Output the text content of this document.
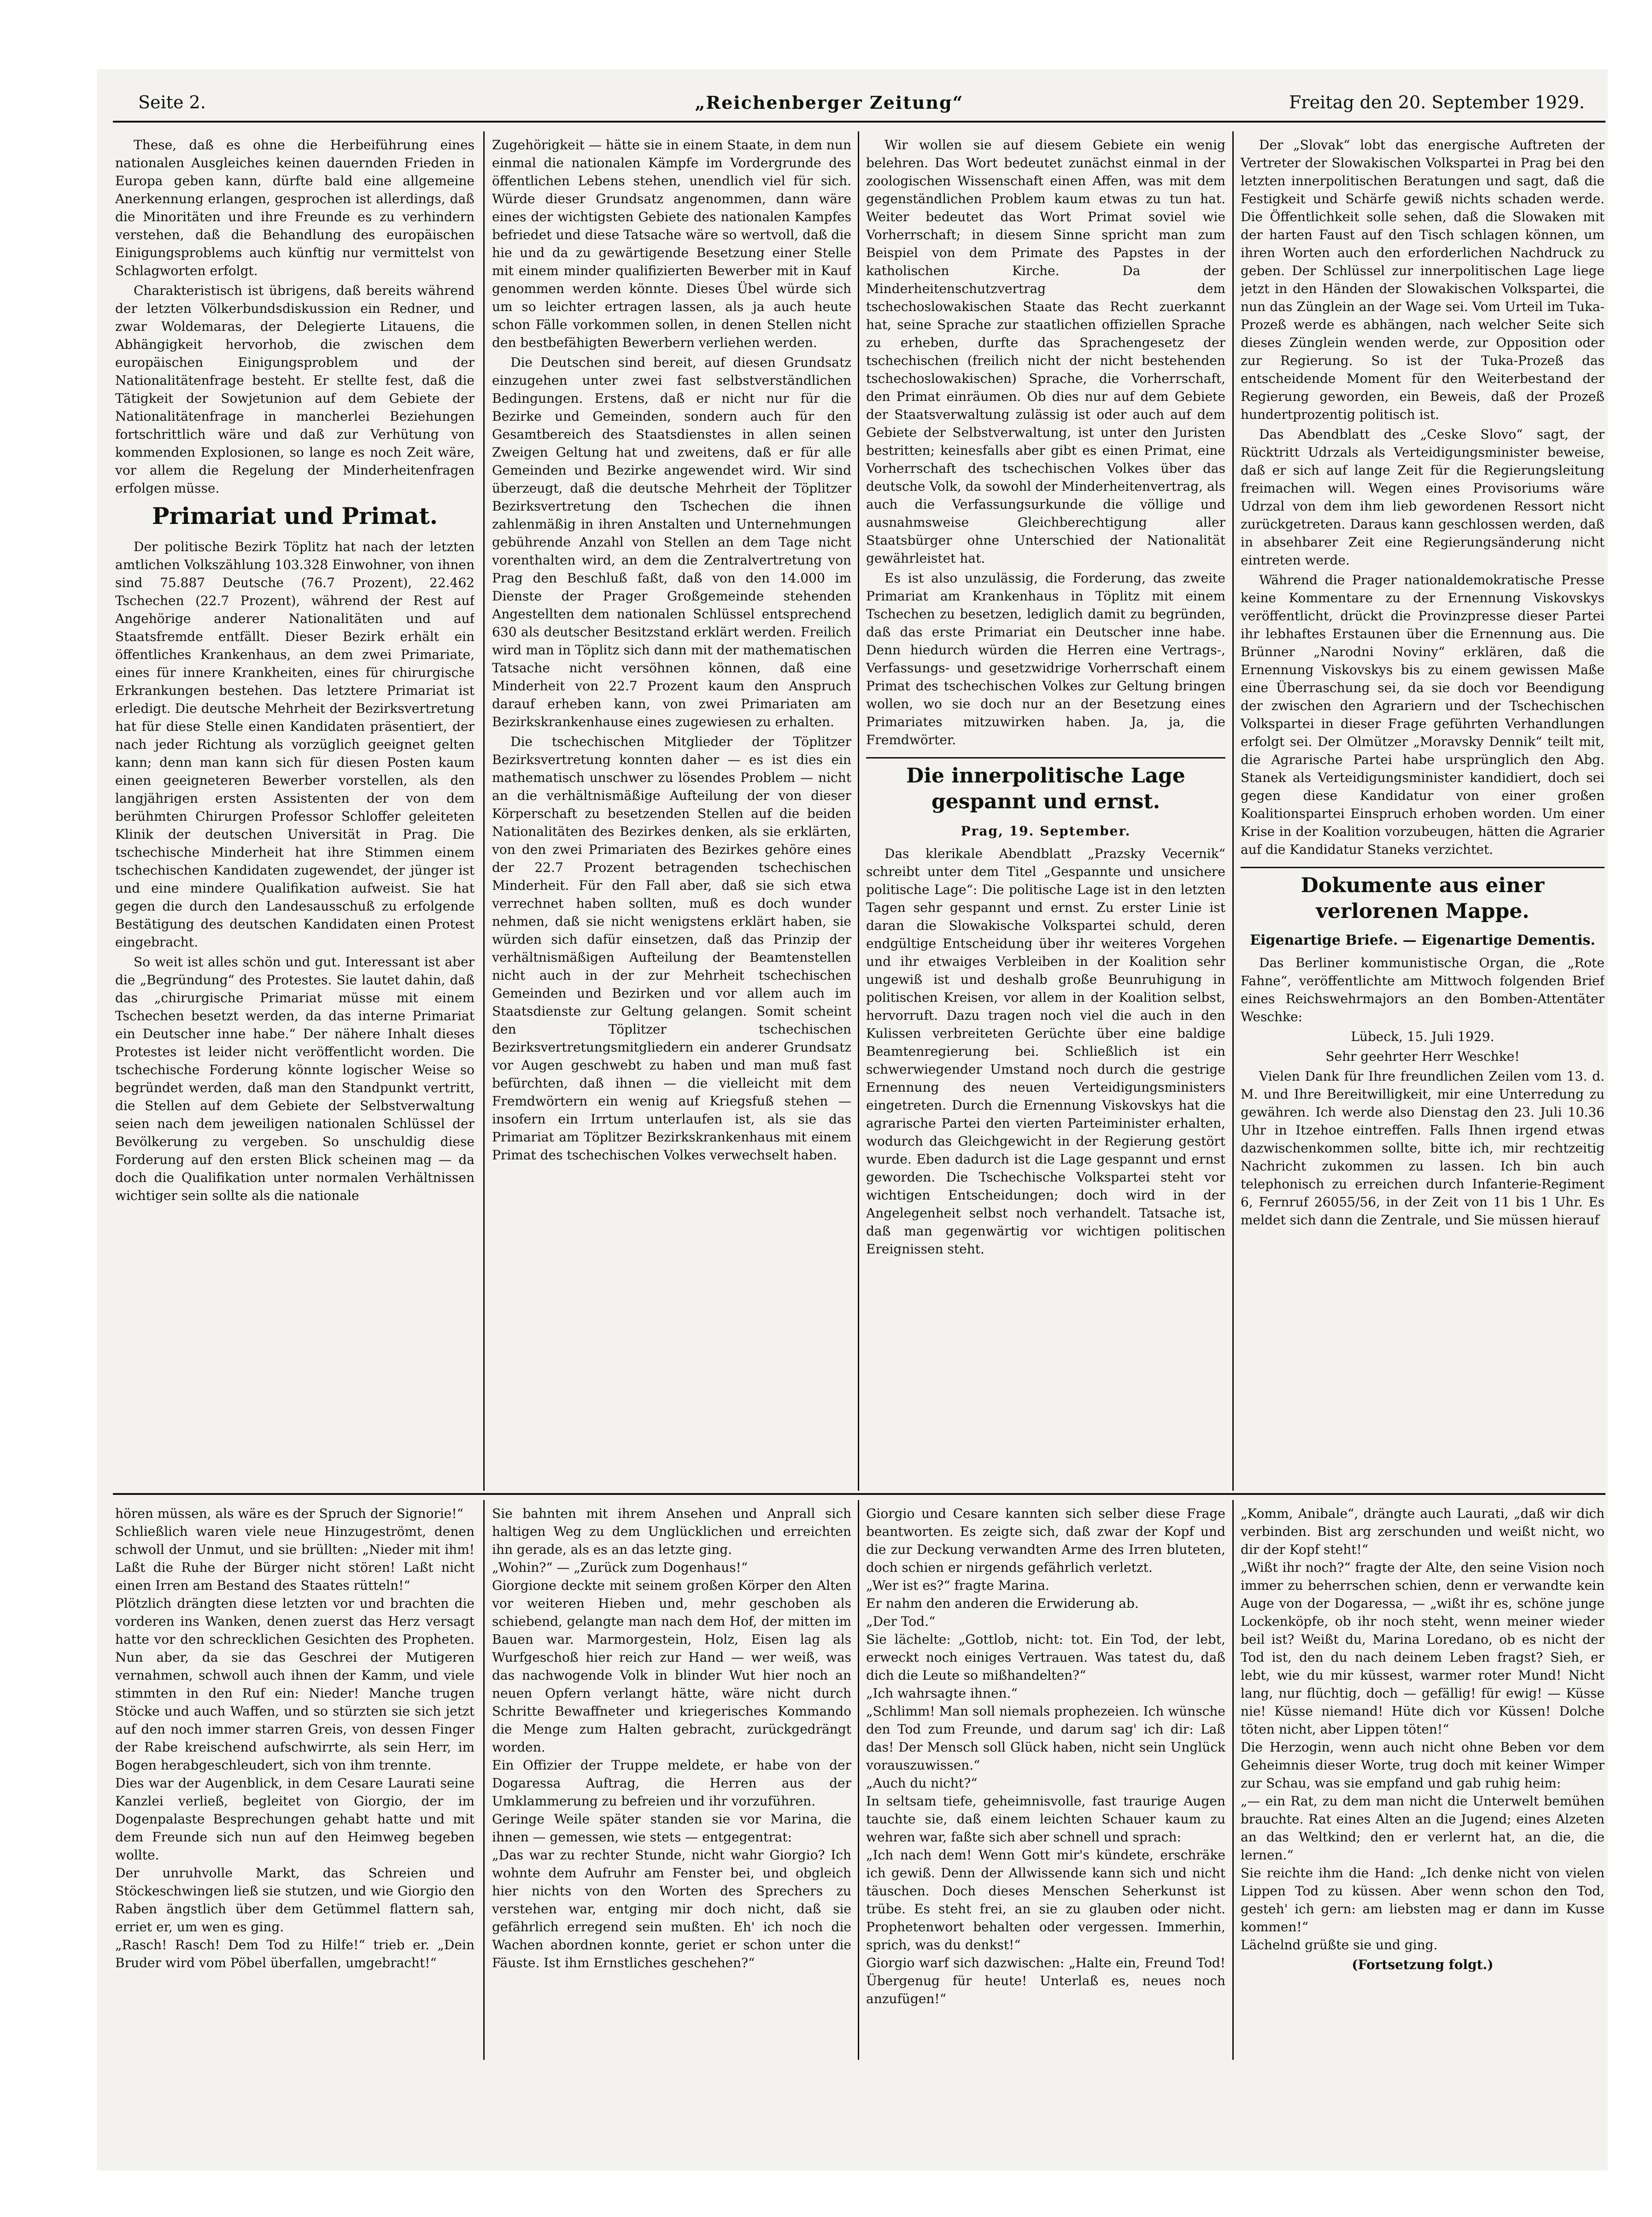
Seite 2.	„Reichenberger Zeitung“	Freitag den 20. September 1929.

These, daß es ohne die Herbeiführung eines nationalen Ausgleiches keinen dauernden Frieden in Europa geben kann, dürfte bald eine allgemeine Anerkennung erlangen, gesprochen ist allerdings, daß die Minoritäten und ihre Freunde es zu verhindern verstehen, daß die Behandlung des europäischen Einigungsproblems auch künftig nur vermittelst von Schlagworten erfolgt.

Charakteristisch ist übrigens, daß bereits während der letzten Völkerbundsdiskussion ein Redner, und zwar Woldemaras, der Delegierte Litauens, die Abhängigkeit hervorhob, die zwischen dem europäischen Einigungsproblem und der Nationalitätenfrage besteht. Er stellte fest, daß die Tätigkeit der Sowjetunion auf dem Gebiete der Nationalitätenfrage in mancherlei Beziehungen fortschrittlich wäre und daß zur Verhütung von kommenden Explosionen, so lange es noch Zeit wäre, vor allem die Regelung der Minderheitenfragen erfolgen müsse.

Primariat und Primat.

Der politische Bezirk Töplitz hat nach der letzten amtlichen Volkszählung 103.328 Einwohner, von ihnen sind 75.887 Deutsche (76.7 Prozent), 22.462 Tschechen (22.7 Prozent), während der Rest auf Angehörige anderer Nationalitäten und auf Staatsfremde entfällt. Dieser Bezirk erhält ein öffentliches Krankenhaus, an dem zwei Primariate, eines für innere Krankheiten, eines für chirurgische Erkrankungen bestehen. Das letztere Primariat ist erledigt. Die deutsche Mehrheit der Bezirksvertretung hat für diese Stelle einen Kandidaten präsentiert, der nach jeder Richtung als vorzüglich geeignet gelten kann; denn man kann sich für diesen Posten kaum einen geeigneteren Bewerber vorstellen, als den langjährigen ersten Assistenten der von dem berühmten Chirurgen Professor Schloffer geleiteten Klinik der deutschen Universität in Prag. Die tschechische Minderheit hat ihre Stimmen einem tschechischen Kandidaten zugewendet, der jünger ist und eine mindere Qualifikation aufweist. Sie hat gegen die durch den Landesausschuß zu erfolgende Bestätigung des deutschen Kandidaten einen Protest eingebracht.

So weit ist alles schön und gut. Interessant ist aber die „Begründung“ des Protestes. Sie lautet dahin, daß das „chirurgische Primariat müsse mit einem Tschechen besetzt werden, da das interne Primariat ein Deutscher inne habe.“ Der nähere Inhalt dieses Protestes ist leider nicht veröffentlicht worden. Die tschechische Forderung könnte logischer Weise so begründet werden, daß man den Standpunkt vertritt, die Stellen auf dem Gebiete der Selbstverwaltung seien nach dem jeweiligen nationalen Schlüssel der Bevölkerung zu vergeben. So unschuldig diese Forderung auf den ersten Blick scheinen mag — da doch die Qualifikation unter normalen Verhältnissen wichtiger sein sollte als die nationale

Zugehörigkeit — hätte sie in einem Staate, in dem nun einmal die nationalen Kämpfe im Vordergrunde des öffentlichen Lebens stehen, unendlich viel für sich. Würde dieser Grundsatz angenommen, dann wäre eines der wichtigsten Gebiete des nationalen Kampfes befriedet und diese Tatsache wäre so wertvoll, daß die hie und da zu gewärtigende Besetzung einer Stelle mit einem minder qualifizierten Bewerber mit in Kauf genommen werden könnte. Dieses Übel würde sich um so leichter ertragen lassen, als ja auch heute schon Fälle vorkommen sollen, in denen Stellen nicht den bestbefähigten Bewerbern verliehen werden.

Die Deutschen sind bereit, auf diesen Grundsatz einzugehen unter zwei fast selbstverständlichen Bedingungen. Erstens, daß er nicht nur für die Bezirke und Gemeinden, sondern auch für den Gesamtbereich des Staatsdienstes in allen seinen Zweigen Geltung hat und zweitens, daß er für alle Gemeinden und Bezirke angewendet wird. Wir sind überzeugt, daß die deutsche Mehrheit der Töplitzer Bezirksvertretung den Tschechen die ihnen zahlenmäßig in ihren Anstalten und Unternehmungen gebührende Anzahl von Stellen an dem Tage nicht vorenthalten wird, an dem die Zentralvertretung von Prag den Beschluß faßt, daß von den 14.000 im Dienste der Prager Großgemeinde stehenden Angestellten dem nationalen Schlüssel entsprechend 630 als deutscher Besitzstand erklärt werden. Freilich wird man in Töplitz sich dann mit der mathematischen Tatsache nicht versöhnen können, daß eine Minderheit von 22.7 Prozent kaum den Anspruch darauf erheben kann, von zwei Primariaten am Bezirkskrankenhause eines zugewiesen zu erhalten.

Die tschechischen Mitglieder der Töplitzer Bezirksvertretung konnten daher — es ist dies ein mathematisch unschwer zu lösendes Problem — nicht an die verhältnismäßige Aufteilung der von dieser Körperschaft zu besetzenden Stellen auf die beiden Nationalitäten des Bezirkes denken, als sie erklärten, von den zwei Primariaten des Bezirkes gehöre eines der 22.7 Prozent betragenden tschechischen Minderheit. Für den Fall aber, daß sie sich etwa verrechnet haben sollten, muß es doch wunder nehmen, daß sie nicht wenigstens erklärt haben, sie würden sich dafür einsetzen, daß das Prinzip der verhältnismäßigen Aufteilung der Beamtenstellen nicht auch in der zur Mehrheit tschechischen Gemeinden und Bezirken und vor allem auch im Staatsdienste zur Geltung gelangen. Somit scheint den Töplitzer tschechischen Bezirksvertretungsmitgliedern ein anderer Grundsatz vor Augen geschwebt zu haben und man muß fast befürchten, daß ihnen — die vielleicht mit dem Fremdwörtern ein wenig auf Kriegsfuß stehen — insofern ein Irrtum unterlaufen ist, als sie das Primariat am Töplitzer Bezirkskrankenhaus mit einem Primat des tschechischen Volkes verwechselt haben.

Wir wollen sie auf diesem Gebiete ein wenig belehren. Das Wort bedeutet zunächst einmal in der zoologischen Wissenschaft einen Affen, was mit dem gegenständlichen Problem kaum etwas zu tun hat. Weiter bedeutet das Wort Primat soviel wie Vorherrschaft; in diesem Sinne spricht man zum Beispiel von dem Primate des Papstes in der katholischen Kirche. Da der Minderheitenschutzvertrag dem tschechoslowakischen Staate das Recht zuerkannt hat, seine Sprache zur staatlichen offiziellen Sprache zu erheben, durfte das Sprachengesetz der tschechischen (freilich nicht der nicht bestehenden tschechoslowakischen) Sprache, die Vorherrschaft, den Primat einräumen. Ob dies nur auf dem Gebiete der Staatsverwaltung zulässig ist oder auch auf dem Gebiete der Selbstverwaltung, ist unter den Juristen bestritten; keinesfalls aber gibt es einen Primat, eine Vorherrschaft des tschechischen Volkes über das deutsche Volk, da sowohl der Minderheitenvertrag, als auch die Verfassungsurkunde die völlige und ausnahmsweise Gleichberechtigung aller Staatsbürger ohne Unterschied der Nationalität gewährleistet hat.

Es ist also unzulässig, die Forderung, das zweite Primariat am Krankenhaus in Töplitz mit einem Tschechen zu besetzen, lediglich damit zu begründen, daß das erste Primariat ein Deutscher inne habe. Denn hiedurch würden die Herren eine Vertrags-, Verfassungs- und gesetzwidrige Vorherrschaft einem Primat des tschechischen Volkes zur Geltung bringen wollen, wo sie doch nur an der Besetzung eines Primariates mitzuwirken haben. Ja, ja, die Fremdwörter.

Die innerpolitische Lage gespannt und ernst.
Prag, 19. September.

Das klerikale Abendblatt „Prazsky Vecernik“ schreibt unter dem Titel „Gespannte und unsichere politische Lage“: Die politische Lage ist in den letzten Tagen sehr gespannt und ernst. Zu erster Linie ist daran die Slowakische Volkspartei schuld, deren endgültige Entscheidung über ihr weiteres Vorgehen und ihr etwaiges Verbleiben in der Koalition sehr ungewiß ist und deshalb große Beunruhigung in politischen Kreisen, vor allem in der Koalition selbst, hervorruft. Dazu tragen noch viel die auch in den Kulissen verbreiteten Gerüchte über eine baldige Beamtenregierung bei. Schließlich ist ein schwerwiegender Umstand noch durch die gestrige Ernennung des neuen Verteidigungsministers eingetreten. Durch die Ernennung Viskovskys hat die agrarische Partei den vierten Parteiminister erhalten, wodurch das Gleichgewicht in der Regierung gestört wurde. Eben dadurch ist die Lage gespannt und ernst geworden. Die Tschechische Volkspartei steht vor wichtigen Entscheidungen; doch wird in der Angelegenheit selbst noch verhandelt. Tatsache ist, daß man gegenwärtig vor wichtigen politischen Ereignissen steht.

Der „Slovak“ lobt das energische Auftreten der Vertreter der Slowakischen Volkspartei in Prag bei den letzten innerpolitischen Beratungen und sagt, daß die Festigkeit und Schärfe gewiß nichts schaden werde. Die Öffentlichkeit solle sehen, daß die Slowaken mit der harten Faust auf den Tisch schlagen können, um ihren Worten auch den erforderlichen Nachdruck zu geben. Der Schlüssel zur innerpolitischen Lage liege jetzt in den Händen der Slowakischen Volkspartei, die nun das Zünglein an der Wage sei. Vom Urteil im Tuka-Prozeß werde es abhängen, nach welcher Seite sich dieses Zünglein wenden werde, zur Opposition oder zur Regierung. So ist der Tuka-Prozeß das entscheidende Moment für den Weiterbestand der Regierung geworden, ein Beweis, daß der Prozeß hundertprozentig politisch ist.

Das Abendblatt des „Ceske Slovo“ sagt, der Rücktritt Udrzals als Verteidigungsminister beweise, daß er sich auf lange Zeit für die Regierungsleitung freimachen will. Wegen eines Provisoriums wäre Udrzal von dem ihm lieb gewordenen Ressort nicht zurückgetreten. Daraus kann geschlossen werden, daß in absehbarer Zeit eine Regierungsänderung nicht eintreten werde.

Während die Prager nationaldemokratische Presse keine Kommentare zu der Ernennung Viskovskys veröffentlicht, drückt die Provinzpresse dieser Partei ihr lebhaftes Erstaunen über die Ernennung aus. Die Brünner „Narodni Noviny“ erklären, daß die Ernennung Viskovskys bis zu einem gewissen Maße eine Überraschung sei, da sie doch vor Beendigung der zwischen den Agrariern und der Tschechischen Volkspartei in dieser Frage geführten Verhandlungen erfolgt sei. Der Olmützer „Moravsky Dennik“ teilt mit, die Agrarische Partei habe ursprünglich den Abg. Stanek als Verteidigungsminister kandidiert, doch sei gegen diese Kandidatur von einer großen Koalitionspartei Einspruch erhoben worden. Um einer Krise in der Koalition vorzubeugen, hätten die Agrarier auf die Kandidatur Staneks verzichtet.

Dokumente aus einer verlorenen Mappe.
Eigenartige Briefe. — Eigenartige Dementis.

Das Berliner kommunistische Organ, die „Rote Fahne“, veröffentlichte am Mittwoch folgenden Brief eines Reichswehrmajors an den Bomben-Attentäter Weschke:

Lübeck, 15. Juli 1929.

Sehr geehrter Herr Weschke!

Vielen Dank für Ihre freundlichen Zeilen vom 13. d. M. und Ihre Bereitwilligkeit, mir eine Unterredung zu gewähren. Ich werde also Dienstag den 23. Juli 10.36 Uhr in Itzehoe eintreffen. Falls Ihnen irgend etwas dazwischenkommen sollte, bitte ich, mir rechtzeitig Nachricht zukommen zu lassen. Ich bin auch telephonisch zu erreichen durch Infanterie-Regiment 6, Fernruf 26055/56, in der Zeit von 11 bis 1 Uhr. Es meldet sich dann die Zentrale, und Sie müssen hierauf

hören müssen, als wäre es der Spruch der Signorie!“
Schließlich waren viele neue Hinzugeströmt, denen schwoll der Unmut, und sie brüllten: „Nieder mit ihm! Laßt die Ruhe der Bürger nicht stören! Laßt nicht einen Irren am Bestand des Staates rütteln!“
Plötzlich drängten diese letzten vor und brachten die vorderen ins Wanken, denen zuerst das Herz versagt hatte vor den schrecklichen Gesichten des Propheten. Nun aber, da sie das Geschrei der Mutigeren vernahmen, schwoll auch ihnen der Kamm, und viele stimmten in den Ruf ein: Nieder! Manche trugen Stöcke und auch Waffen, und so stürzten sie sich jetzt auf den noch immer starren Greis, von dessen Finger der Rabe kreischend aufschwirrte, als sein Herr, im Bogen herabgeschleudert, sich von ihm trennte.
Dies war der Augenblick, in dem Cesare Laurati seine Kanzlei verließ, begleitet von Giorgio, der im Dogenpalaste Besprechungen gehabt hatte und mit dem Freunde sich nun auf den Heimweg begeben wollte.
Der unruhvolle Markt, das Schreien und Stöckeschwingen ließ sie stutzen, und wie Giorgio den Raben ängstlich über dem Getümmel flattern sah, erriet er, um wen es ging.
„Rasch! Rasch! Dem Tod zu Hilfe!“ trieb er. „Dein Bruder wird vom Pöbel überfallen, umgebracht!“

Sie bahnten mit ihrem Ansehen und Anprall sich haltigen Weg zu dem Unglücklichen und erreichten ihn gerade, als es an das letzte ging.
„Wohin?“ — „Zurück zum Dogenhaus!“
Giorgione deckte mit seinem großen Körper den Alten vor weiteren Hieben und, mehr geschoben als schiebend, gelangte man nach dem Hof, der mitten im Bauen war. Marmorgestein, Holz, Eisen lag als Wurfgeschoß hier reich zur Hand — wer weiß, was das nachwogende Volk in blinder Wut hier noch an neuen Opfern verlangt hätte, wäre nicht durch Schritte Bewaffneter und kriegerisches Kommando die Menge zum Halten gebracht, zurückgedrängt worden.
Ein Offizier der Truppe meldete, er habe von der Dogaressa Auftrag, die Herren aus der Umklammerung zu befreien und ihr vorzuführen.
Geringe Weile später standen sie vor Marina, die ihnen — gemessen, wie stets — entgegentrat:
„Das war zu rechter Stunde, nicht wahr Giorgio? Ich wohnte dem Aufruhr am Fenster bei, und obgleich hier nichts von den Worten des Sprechers zu verstehen war, entging mir doch nicht, daß sie gefährlich erregend sein mußten. Eh' ich noch die Wachen abordnen konnte, geriet er schon unter die Fäuste. Ist ihm Ernstliches geschehen?“

Giorgio und Cesare kannten sich selber diese Frage beantworten. Es zeigte sich, daß zwar der Kopf und die zur Deckung verwandten Arme des Irren bluteten, doch schien er nirgends gefährlich verletzt.
„Wer ist es?“ fragte Marina.
Er nahm den anderen die Erwiderung ab.
„Der Tod.“
Sie lächelte: „Gottlob, nicht: tot. Ein Tod, der lebt, erweckt noch einiges Vertrauen. Was tatest du, daß dich die Leute so mißhandelten?“
„Ich wahrsagte ihnen.“
„Schlimm! Man soll niemals prophezeien. Ich wünsche den Tod zum Freunde, und darum sag' ich dir: Laß das! Der Mensch soll Glück haben, nicht sein Unglück vorauszuwissen.“
„Auch du nicht?“
In seltsam tiefe, geheimnisvolle, fast traurige Augen tauchte sie, daß einem leichten Schauer kaum zu wehren war, faßte sich aber schnell und sprach:
„Ich nach dem! Wenn Gott mir's kündete, erschräke ich gewiß. Denn der Allwissende kann sich und nicht täuschen. Doch dieses Menschen Seherkunst ist trübe. Es steht frei, an sie zu glauben oder nicht. Prophetenwort behalten oder vergessen. Immerhin, sprich, was du denkst!“
Giorgio warf sich dazwischen: „Halte ein, Freund Tod! Übergenug für heute! Unterlaß es, neues noch anzufügen!“

„Komm, Anibale“, drängte auch Laurati, „daß wir dich verbinden. Bist arg zerschunden und weißt nicht, wo dir der Kopf steht!“
„Wißt ihr noch?“ fragte der Alte, den seine Vision noch immer zu beherrschen schien, denn er verwandte kein Auge von der Dogaressa, — „wißt ihr es, schöne junge Lockenköpfe, ob ihr noch steht, wenn meiner wieder beil ist? Weißt du, Marina Loredano, ob es nicht der Tod ist, den du nach deinem Leben fragst? Sieh, er lebt, wie du mir küssest, warmer roter Mund! Nicht lang, nur flüchtig, doch — gefällig! für ewig! — Küsse nie! Küsse niemand! Hüte dich vor Küssen! Dolche töten nicht, aber Lippen töten!“
Die Herzogin, wenn auch nicht ohne Beben vor dem Geheimnis dieser Worte, trug doch mit keiner Wimper zur Schau, was sie empfand und gab ruhig heim:
„— ein Rat, zu dem man nicht die Unterwelt bemühen brauchte. Rat eines Alten an die Jugend; eines Alzeten an das Weltkind; den er verlernt hat, an die, die lernen.“
Sie reichte ihm die Hand: „Ich denke nicht von vielen Lippen Tod zu küssen. Aber wenn schon den Tod, gesteh' ich gern: am liebsten mag er dann im Kusse kommen!“
Lächelnd grüßte sie und ging.

(Fortsetzung folgt.)
